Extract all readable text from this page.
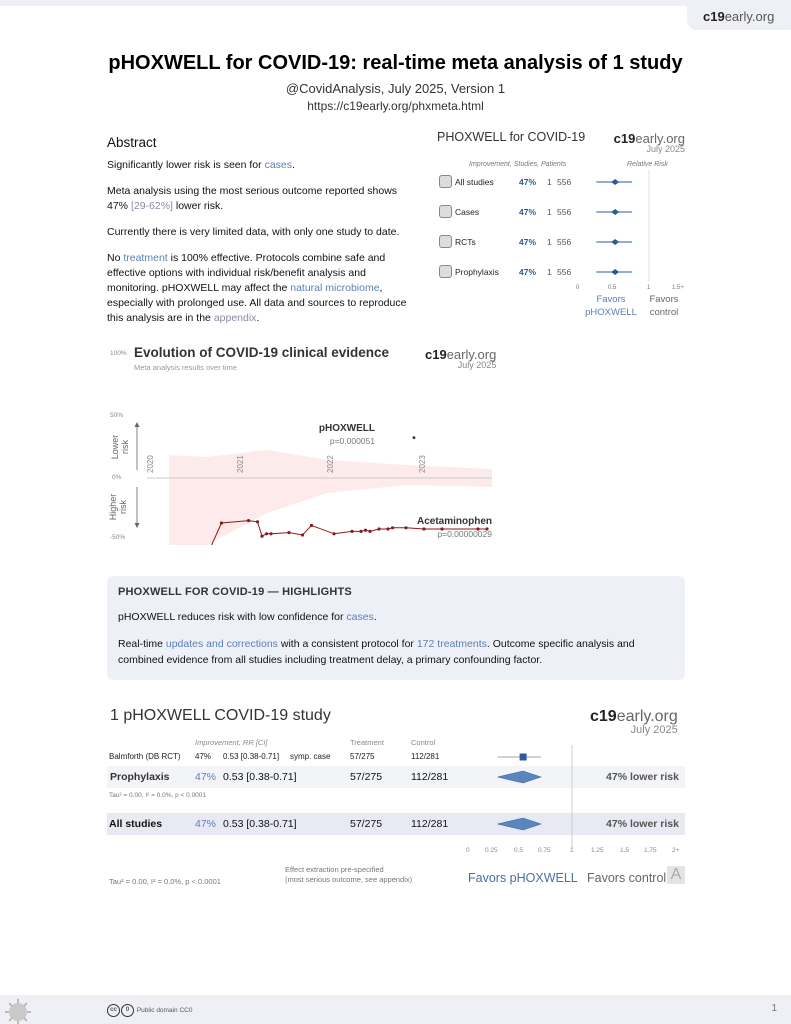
c19early.org
pHOXWELL for COVID-19: real-time meta analysis of 1 study
@CovidAnalysis, July 2025, Version 1
https://c19early.org/phxmeta.html
Abstract

Significantly lower risk is seen for cases.

Meta analysis using the most serious outcome reported shows 47% [29-62%] lower risk.

Currently there is very limited data, with only one study to date.

No treatment is 100% effective. Protocols combine safe and effective options with individual risk/benefit analysis and monitoring. pHOXWELL may affect the natural microbiome, especially with prolonged use. All data and sources to reproduce this analysis are in the appendix.

PHOXWELL for COVID-19 c19early.org
July 2025
Improvement, Studies, Patients	Relative Risk
All studies	47% 1 556
Cases	47% 1 556
RCTs	47% 1 556
Prophylaxis 47% 1 556
0	0.5	1	1.5+
Favors
pHOXWELL
Favors
control
100% Evolution of COVID-19 clinical evidence
Meta analysis results over time
c19early.org
July 2025
50%
0%
-50%
Lower
risk
Higher
risk
2020	2021	2022	2023
pHOXWELL
p=0.000051
Acetaminophen
p=0.00000029
PHOXWELL FOR COVID-19 — HIGHLIGHTS

pHOXWELL reduces risk with low confidence for cases.

Real-time updates and corrections with a consistent protocol for 172 treatments. Outcome specific analysis and combined evidence from all studies including treatment delay, a primary confounding factor.

1 pHOXWELL COVID-19 study	c19early.org
July 2025
Improvement, RR [CI]	Treatment	Control
Balmforth (DB RCT) 47% 0.53 [0.38-0.71] symp. case 57/275	112/281
Prophylaxis 47% 0.53 [0.38-0.71]	57/275	112/281	47% lower risk
Tau² = 0.00, I² = 0.0%, p < 0.0001
All studies	47% 0.53 [0.38-0.71]	57/275	112/281	47% lower risk
0 0.25	0.5 0.75	1	1.25	1.5 1.75 2+
Tau² = 0.00, I² = 0.0%, p < 0.0001
Effect extraction pre-specified
(most serious outcome, see appendix)	Favors pHOXWELL Favors control A
cc 0 Public domain CC0	1
